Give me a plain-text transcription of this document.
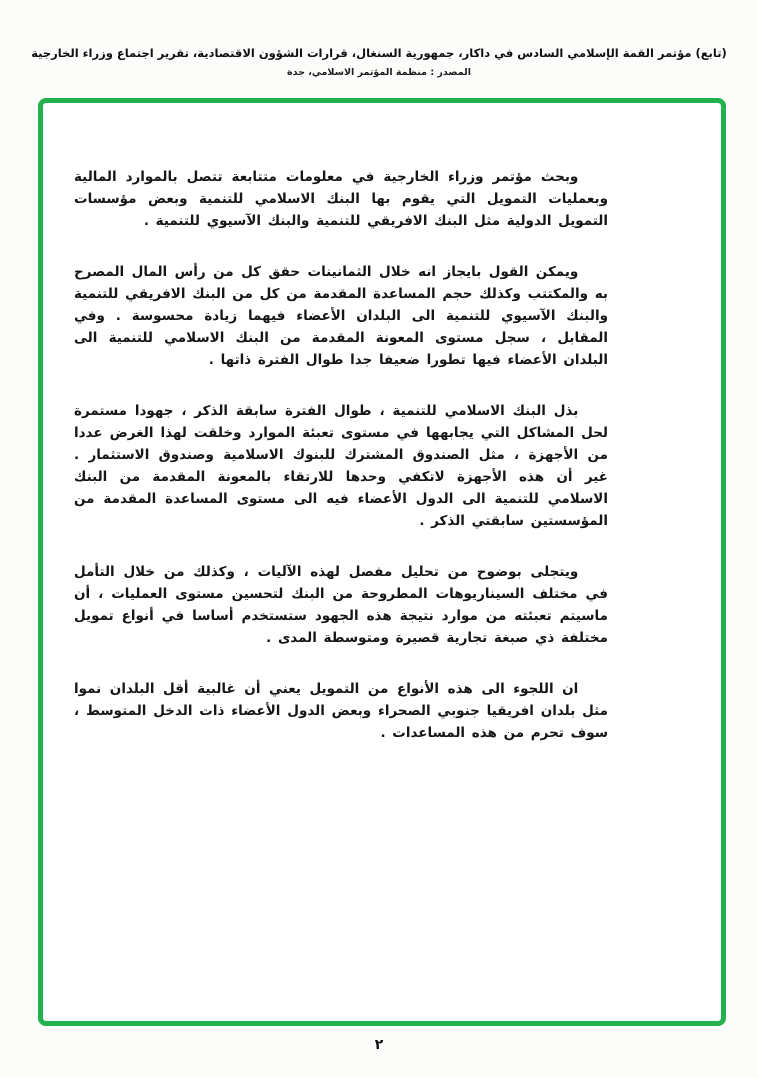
(تابع) مؤتمر القمة الإسلامي السادس في داكار، جمهورية السنغال، قرارات الشؤون الاقتصادية، تقرير اجتماع وزراء الخارجية
المصدر : منظمة المؤتمر الاسلامي، جدة

وبحث مؤتمر وزراء الخارجية في معلومات متتابعة تتصل بالموارد المالية وبعمليات التمويل التي يقوم بها البنك الاسلامي للتنمية وبعض مؤسسات التمويل الدولية مثل البنك الافريقي للتنمية والبنك الآسيوي للتنمية .

ويمكن القول بايجاز انه خلال الثمانينات حقق كل من رأس المال المصرح به والمكتتب وكذلك حجم المساعدة المقدمة من كل من البنك الافريقي للتنمية والبنك الآسيوي للتنمية الى البلدان الأعضاء فيهما زيادة محسوسة . وفي المقابل ، سجل مستوى المعونة المقدمة من البنك الاسلامي للتنمية الى البلدان الأعضاء فيها تطورا ضعيفا جدا طوال الفترة ذاتها .

بذل البنك الاسلامي للتنمية ، طوال الفترة سابقة الذكر ، جهودا مستمرة لحل المشاكل التي يجابهها في مستوى تعبئة الموارد وخلقت لهذا الغرض عددا من الأجهزة ، مثل الصندوق المشترك للبنوك الاسلامية وصندوق الاستثمار . غير أن هذه الأجهزة لاتكفي وحدها للارتقاء بالمعونة المقدمة من البنك الاسلامي للتنمية الى الدول الأعضاء فيه الى مستوى المساعدة المقدمة من المؤسستين سابقتي الذكر .

ويتجلى بوضوح من تحليل مفصل لهذه الآليات ، وكذلك من خلال التأمل في مختلف السيناريوهات المطروحة من البنك لتحسين مستوى العمليات ، أن ماسيتم تعبئته من موارد نتيجة هذه الجهود ستستخدم أساسا في أنواع تمويل مختلفة ذي صبغة تجارية قصيرة ومتوسطة المدى .

ان اللجوء الى هذه الأنواع من التمويل يعني أن غالبية أقل البلدان نموا مثل بلدان افريقيا جنوبي الصحراء وبعض الدول الأعضاء ذات الدخل المتوسط ، سوف تحرم من هذه المساعدات .

٢
